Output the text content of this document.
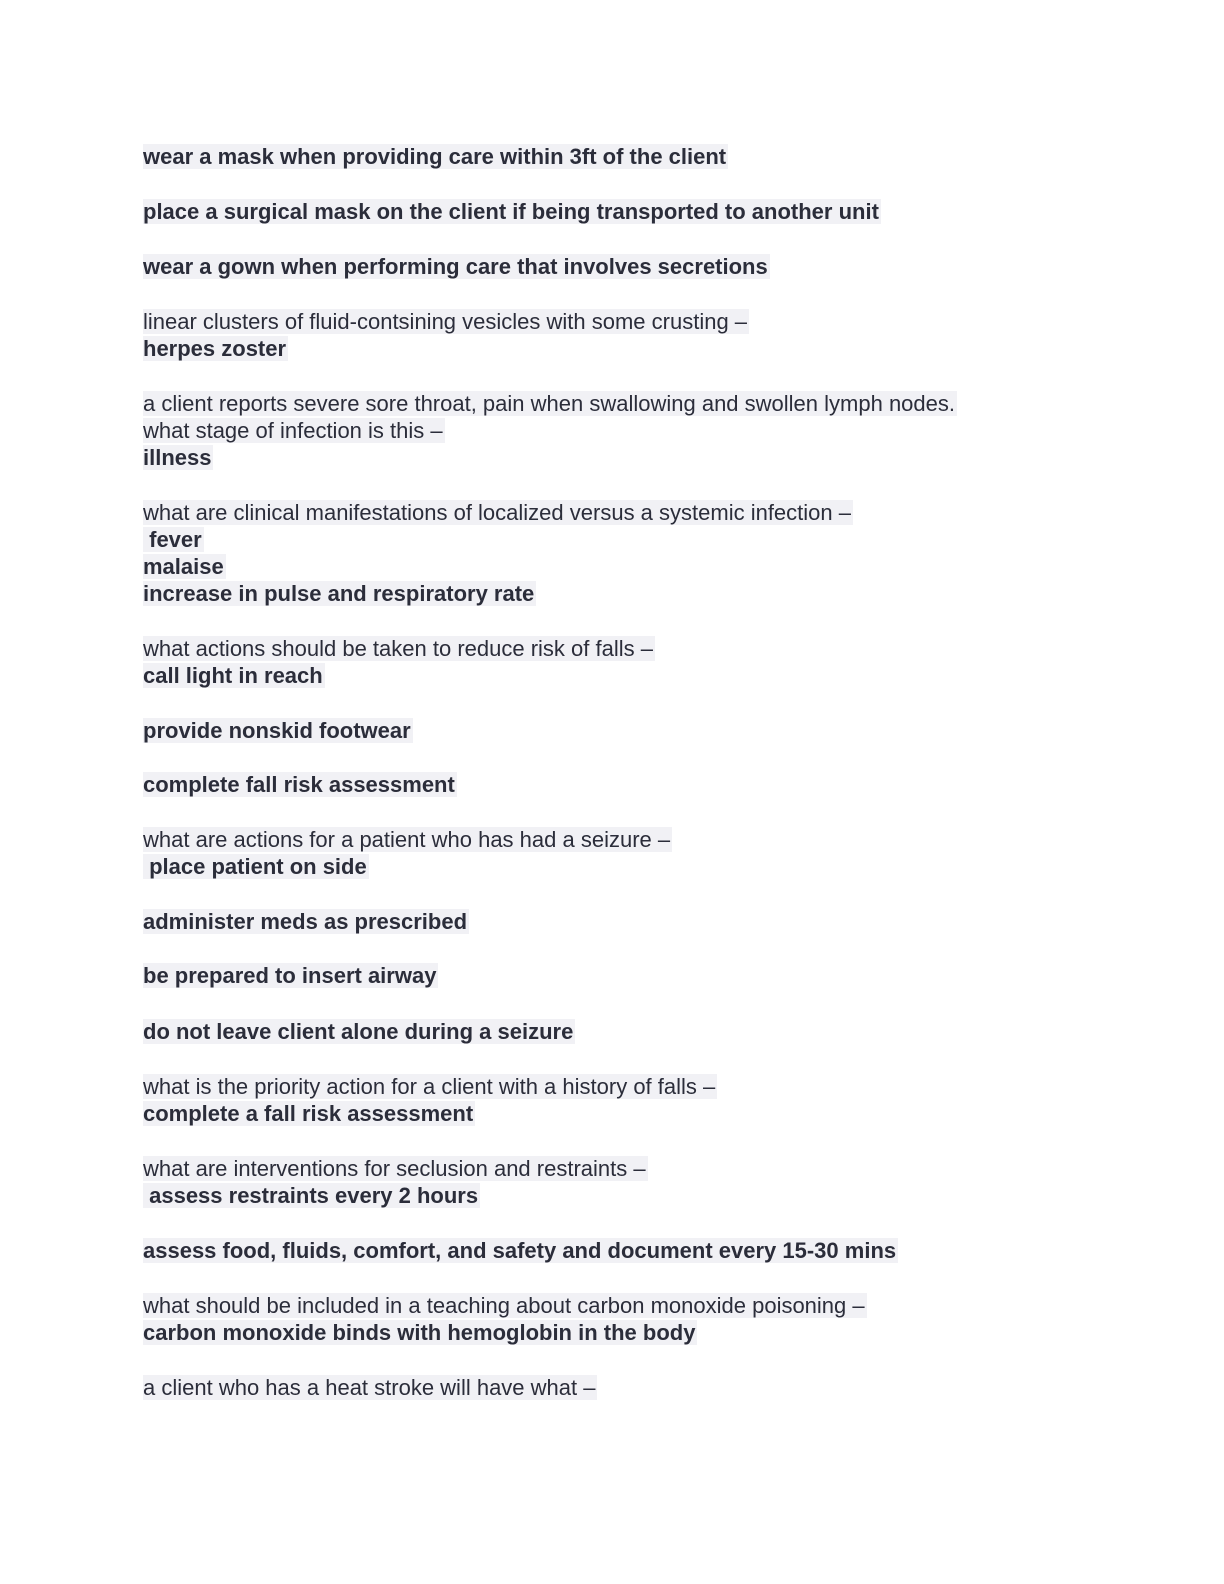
wear a mask when providing care within 3ft of the client
place a surgical mask on the client if being transported to another unit
wear a gown when performing care that involves secretions
linear clusters of fluid-contsining vesicles with some crusting –
herpes zoster
a client reports severe sore throat, pain when swallowing and swollen lymph nodes.
what stage of infection is this –
illness
what are clinical manifestations of localized versus a systemic infection –
fever
malaise
increase in pulse and respiratory rate
what actions should be taken to reduce risk of falls –
call light in reach
provide nonskid footwear
complete fall risk assessment
what are actions for a patient who has had a seizure –
place patient on side
administer meds as prescribed
be prepared to insert airway
do not leave client alone during a seizure
what is the priority action for a client with a history of falls –
complete a fall risk assessment
what are interventions for seclusion and restraints –
assess restraints every 2 hours
assess food, fluids, comfort, and safety and document every 15-30 mins
what should be included in a teaching about carbon monoxide poisoning –
carbon monoxide binds with hemoglobin in the body
a client who has a heat stroke will have what –
